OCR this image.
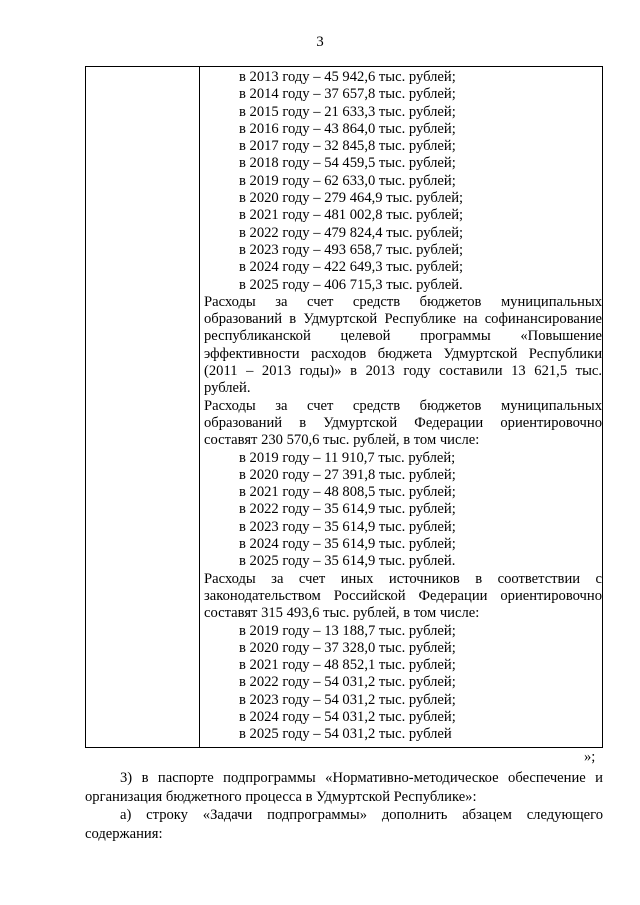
3
в 2013 году – 45 942,6 тыс. рублей;
в 2014 году – 37 657,8 тыс. рублей;
в 2015 году – 21 633,3 тыс. рублей;
в 2016 году – 43 864,0 тыс. рублей;
в 2017 году – 32 845,8 тыс. рублей;
в 2018 году – 54 459,5 тыс. рублей;
в 2019 году – 62 633,0 тыс. рублей;
в 2020 году – 279 464,9 тыс. рублей;
в 2021 году – 481 002,8 тыс. рублей;
в 2022 году – 479 824,4 тыс. рублей;
в 2023 году – 493 658,7 тыс. рублей;
в 2024 году – 422 649,3 тыс. рублей;
в 2025 году – 406 715,3 тыс. рублей.
Расходы за счет средств бюджетов муниципальных образований в Удмуртской Республике на софинансирование республиканской целевой программы «Повышение эффективности расходов бюджета Удмуртской Республики (2011 – 2013 годы)» в 2013 году составили 13 621,5 тыс. рублей.
Расходы за счет средств бюджетов муниципальных образований в Удмуртской Федерации ориентировочно составят 230 570,6 тыс. рублей, в том числе:
в 2019 году – 11 910,7 тыс. рублей;
в 2020 году – 27 391,8 тыс. рублей;
в 2021 году – 48 808,5 тыс. рублей;
в 2022 году – 35 614,9 тыс. рублей;
в 2023 году – 35 614,9 тыс. рублей;
в 2024 году – 35 614,9 тыс. рублей;
в 2025 году – 35 614,9 тыс. рублей.
Расходы за счет иных источников в соответствии с законодательством Российской Федерации ориентировочно составят 315 493,6 тыс. рублей, в том числе:
в 2019 году – 13 188,7 тыс. рублей;
в 2020 году – 37 328,0 тыс. рублей;
в 2021 году – 48 852,1 тыс. рублей;
в 2022 году – 54 031,2 тыс. рублей;
в 2023 году – 54 031,2 тыс. рублей;
в 2024 году – 54 031,2 тыс. рублей;
в 2025 году – 54 031,2 тыс. рублей
»;
3) в паспорте подпрограммы «Нормативно-методическое обеспечение и организация бюджетного процесса в Удмуртской Республике»:
а) строку «Задачи подпрограммы» дополнить абзацем следующего содержания:
